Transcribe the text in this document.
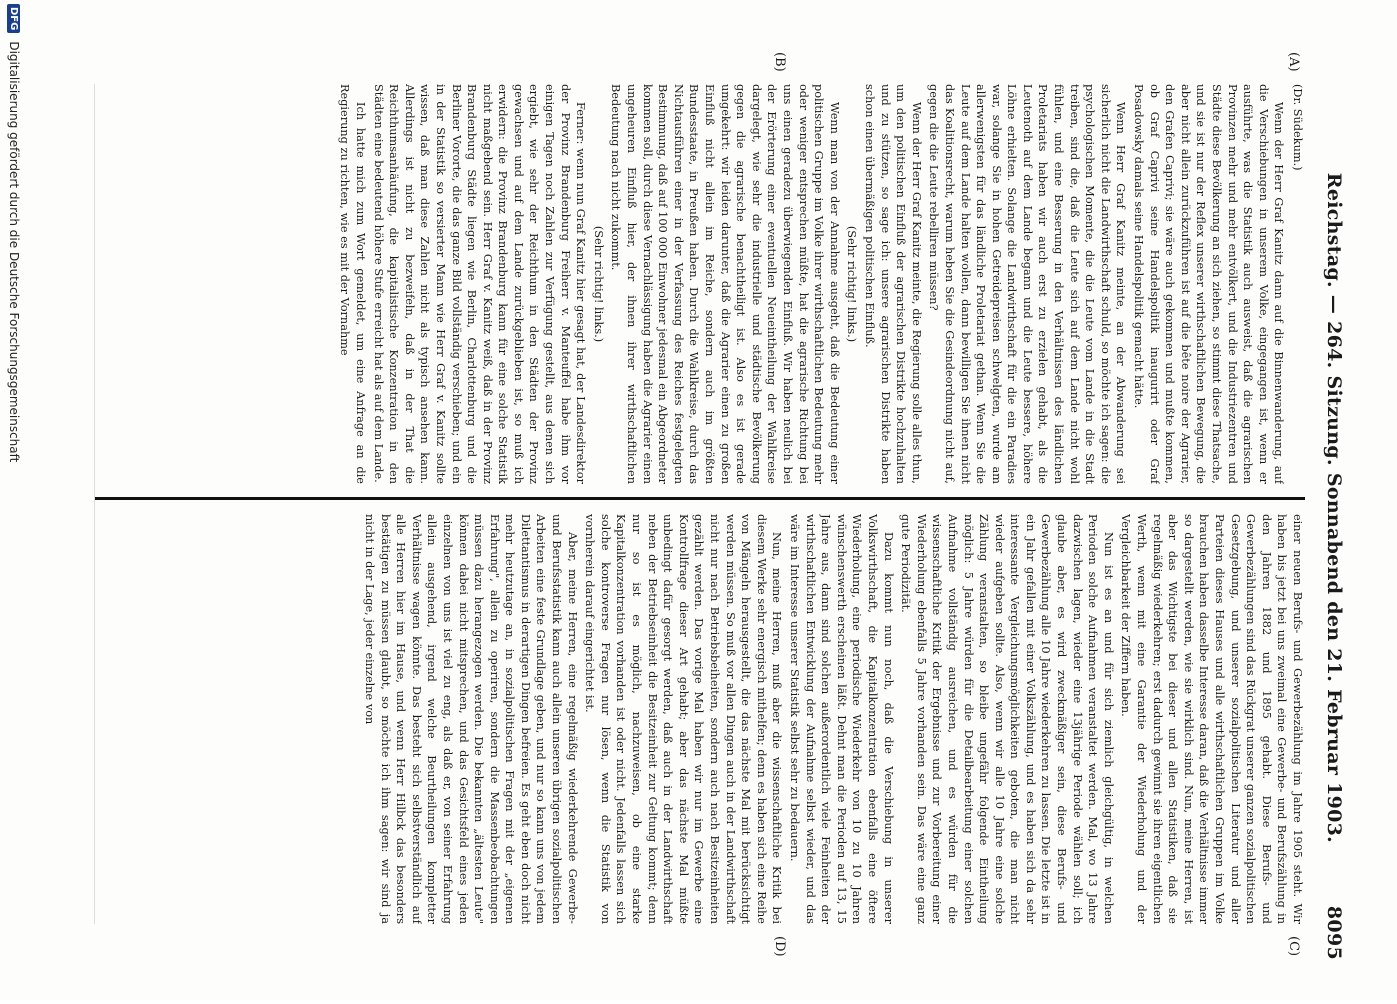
Reichstag. — 264. Sitzung. Sonnabend den 21. Februar 1903.
8095
(A)
(B)
(C)
(D)

(Dr. Südekum.)

Wenn der Herr Graf Kanitz dann auf die Binnenwanderung, auf die Verschiebungen in unserem Volke, eingegangen ist, wenn er ausführte, was die Statistik auch ausweist, daß die agrarischen Provinzen mehr und mehr entvölkert, und die Industriezentren und Städte diese Bevölkerung an sich ziehen, so stimmt diese Thatsache, und sie ist nur der Reflex unserer wirthschaftlichen Bewegung, die aber nicht allein zurückzuführen ist auf die bête noire der Agrarier, den Grafen Caprivi; sie wäre auch gekommen und mußte kommen, ob Graf Caprivi seine Handelspolitik inaugurirt oder Graf Posadowsky damals seine Handelspolitik gemacht hätte.

Wenn Herr Graf Kanitz meinte, an der Abwanderung sei sicherlich nicht die Landwirthschaft schuld, so möchte ich sagen: die psychologischen Momente, die die Leute vom Lande in die Stadt treiben, sind die, daß die Leute sich auf dem Lande nicht wohl fühlen, und eine Besserung in den Verhältnissen des ländlichen Proletariats haben wir auch erst zu erzielen gehabt, als die Leutenoth auf dem Lande begann und die Leute bessere, höhere Löhne erhielten. Solange die Landwirthschaft für die ein Paradies war, solange Sie in hohen Getreidepreisen schwelgten, wurde am allerwenigsten für das ländliche Proletariat gethan. Wenn Sie die Leute auf dem Lande halten wollen, dann bewilligen Sie ihnen nicht das Koalitionsrecht, warum heben Sie die Gesindeordnung nicht auf, gegen die die Leute rebelliren müssen?

Wenn der Herr Graf Kanitz meinte, die Regierung solle alles thun, um den politischen Einfluß der agrarischen Distrikte hochzuhalten und zu stützen, so sage ich: unsere agrarischen Distrikte haben schon einen übermäßigen politischen Einfluß.

(Sehr richtig! links.)

Wenn man von der Annahme ausgeht, daß die Bedeutung einer politischen Gruppe im Volke ihrer wirthschaftlichen Bedeutung mehr oder weniger entsprechen müßte, hat die agrarische Richtung bei uns einen geradezu überwiegenden Einfluß. Wir haben neulich bei der Erörterung einer eventuellen Neueintheilung der Wahlkreise dargelegt, wie sehr die industrielle und städtische Bevölkerung gegen die agrarische benachtheiligt ist. Also es ist gerade umgekehrt: wir leiden darunter, daß die Agrarier einen zu großen Einfluß nicht allein im Reiche, sondern auch im größten Bundesstaate, in Preußen haben. Durch die Wahlkreise, durch das Nichtausführen einer in der Verfassung des Reiches festgelegten Bestimmung, daß auf 100 000 Einwohner jedesmal ein Abgeordneter kommen soll, durch diese Vernachlässigung haben die Agrarier einen ungeheuren Einfluß hier, der ihnen ihrer wirthschaftlichen Bedeutung nach nicht zukommt.

(Sehr richtig! links.)

Ferner: wenn nun Graf Kanitz hier gesagt hat, der Landesdirektor der Provinz Brandenburg Freiherr v. Manteuffel habe ihm vor einigen Tagen noch Zahlen zur Verfügung gestellt, aus denen sich ergiebt, wie sehr der Reichthum in den Städten der Provinz gewachsen und auf dem Lande zurückgeblieben ist, so muß ich erwidern: die Provinz Brandenburg kann für eine solche Statistik nicht maßgebend sein. Herr Graf v. Kanitz weiß, daß in der Provinz Brandenburg Städte liegen wie Berlin, Charlottenburg und die Berliner Vororte, die das ganze Bild vollständig verschieben; und ein in der Statistik so versierter Mann wie Herr Graf v. Kanitz sollte wissen, daß man diese Zahlen nicht als typisch ansehen kann. Allerdings ist nicht zu bezweifeln, daß in der That die Reichthumsanhäufung, die kapitalistische Konzentration in den Städten eine bedeutend höhere Stufe erreicht hat als auf dem Lande.

Ich hatte mich zum Wort gemeldet, um eine Anfrage an die Regierung zu richten, wie es mit der Vornahme

einer neuen Berufs- und Gewerbezählung im Jahre 1905 steht. Wir haben bis jetzt bei uns zweimal eine Gewerbe- und Berufszählung in den Jahren 1882 und 1895 gehabt. Diese Berufs- und Gewerbezählungen sind das Rückgrat unserer ganzen sozialpolitischen Gesetzgebung, und unserer sozialpolitischen Literatur und aller Parteien dieses Hauses und alle wirthschaftlichen Gruppen im Volke brauchen haben dasselbe Interesse daran, daß die Verhältnisse immer so dargestellt werden, wie sie wirklich sind. Nun, meine Herren, ist aber das Wichtigste bei dieser und allen Statistiken, daß sie regelmäßig wiederkehren; erst dadurch gewinnt sie ihren eigentlichen Werth, wenn mit eine Garantie der Wiederholung und der Vergleichbarkeit der Ziffern haben.

Nun ist es an und für sich ziemlich gleichgültig, in welchen Perioden solche Aufnahmen veranstaltet werden. Mal, wo 13 Jahre dazwischen lagen, wieder eine 13jährige Periode wählen soll; ich glaube aber, es wird zweckmäßiger sein, diese Berufs- und Gewerbezählung alle 10 Jahre wiederkehren zu lassen. Die letzte ist in ein Jahr gefallen mit einer Volkszählung, und es haben sich da sehr interessante Vergleichungsmöglichkeiten geboten, die man nicht wieder aufgeben sollte. Also, wenn wir alle 10 Jahre eine solche Zählung veranstalten, so bleibe ungefähr folgende Eintheilung möglich: 5 Jahre würden für die Detailbearbeitung einer solchen Aufnahme vollständig ausreichen, und es würden für die wissenschaftliche Kritik der Ergebnisse und zur Vorbereitung einer Wiederholung ebenfalls 5 Jahre vorhanden sein. Das wäre eine ganz gute Periodizität.

Dazu kommt nun noch, daß die Verschiebung in unserer Volkswirthschaft, die Kapitalkonzentration ebenfalls eine öftere Wiederholung, eine periodische Wiederkehr von 10 zu 10 Jahren wünschenswerth erscheinen läßt. Dehnt man die Perioden auf 13, 15 Jahre aus, dann sind solchen außerordentlich viele Feinheiten der wirthschaftlichen Entwicklung der Aufnahme selbst wieder, und das wäre im Interesse unserer Statistik selbst sehr zu bedauern.

Nun, meine Herren, muß aber die wissenschaftliche Kritik bei diesem Werke sehr energisch mithelfen; denn es haben sich eine Reihe von Mängeln herausgestellt, die das nächste Mal mit berücksichtigt werden müssen. So muß vor allen Dingen auch in der Landwirthschaft nicht nur nach Betriebsbeiheiten, sondern auch nach Besitzeinheiten gezählt werden. Das vorige Mal haben wir nur im Gewerbe eine Kontrollfrage dieser Art gehabt; aber das nächste Mal müßte unbedingt dafür gesorgt werden, daß auch in der Landwirthschaft neben der Betriebseinheit die Besitzeinheit zur Geltung kommt; denn nur so ist es möglich, nachzuweisen, ob eine starke Kapitalkonzentration vorhanden ist oder nicht. Jedenfalls lassen sich solche kontroverse Fragen nur lösen, wenn die Statistik von vornherein darauf eingerichtet ist.

Aber, meine Herren, eine regelmäßig wiederkehrende Gewerbe- und Berufsstatistik kann auch allein unseren übrigen sozialpolitischen Arbeiten eine feste Grundlage geben, und nur so kann uns von jedem Dilettantismus in derartigen Dingen befreien. Es geht eben doch nicht mehr heutzutage an, in sozialpolitischen Fragen mit der „eigenen Erfahrung", allein zu operiren, sondern die Massenbeobachtungen müssen dazu herangezogen werden. Die bekannten „ältesten Leute" können dabei nicht mitsprechen, und das Gesichtsfeld eines jeden einzelnen von uns ist viel zu eng, als daß er, von seiner Erfahrung allein ausgehend, irgend welche Beurtheilungen kompletter Verhältnisse wagen könnte. Das besteht sich selbstverständlich auf alle Herren hier im Hause, und wenn Herr Hilbck das besonders bestätigen zu müssen glaubt, so möchte ich ihm sagen: wir sind ja nicht in der Lage, jeder einzelne von

DFG
Digitalisierung gefördert durch die Deutsche Forschungsgemeinschaft
